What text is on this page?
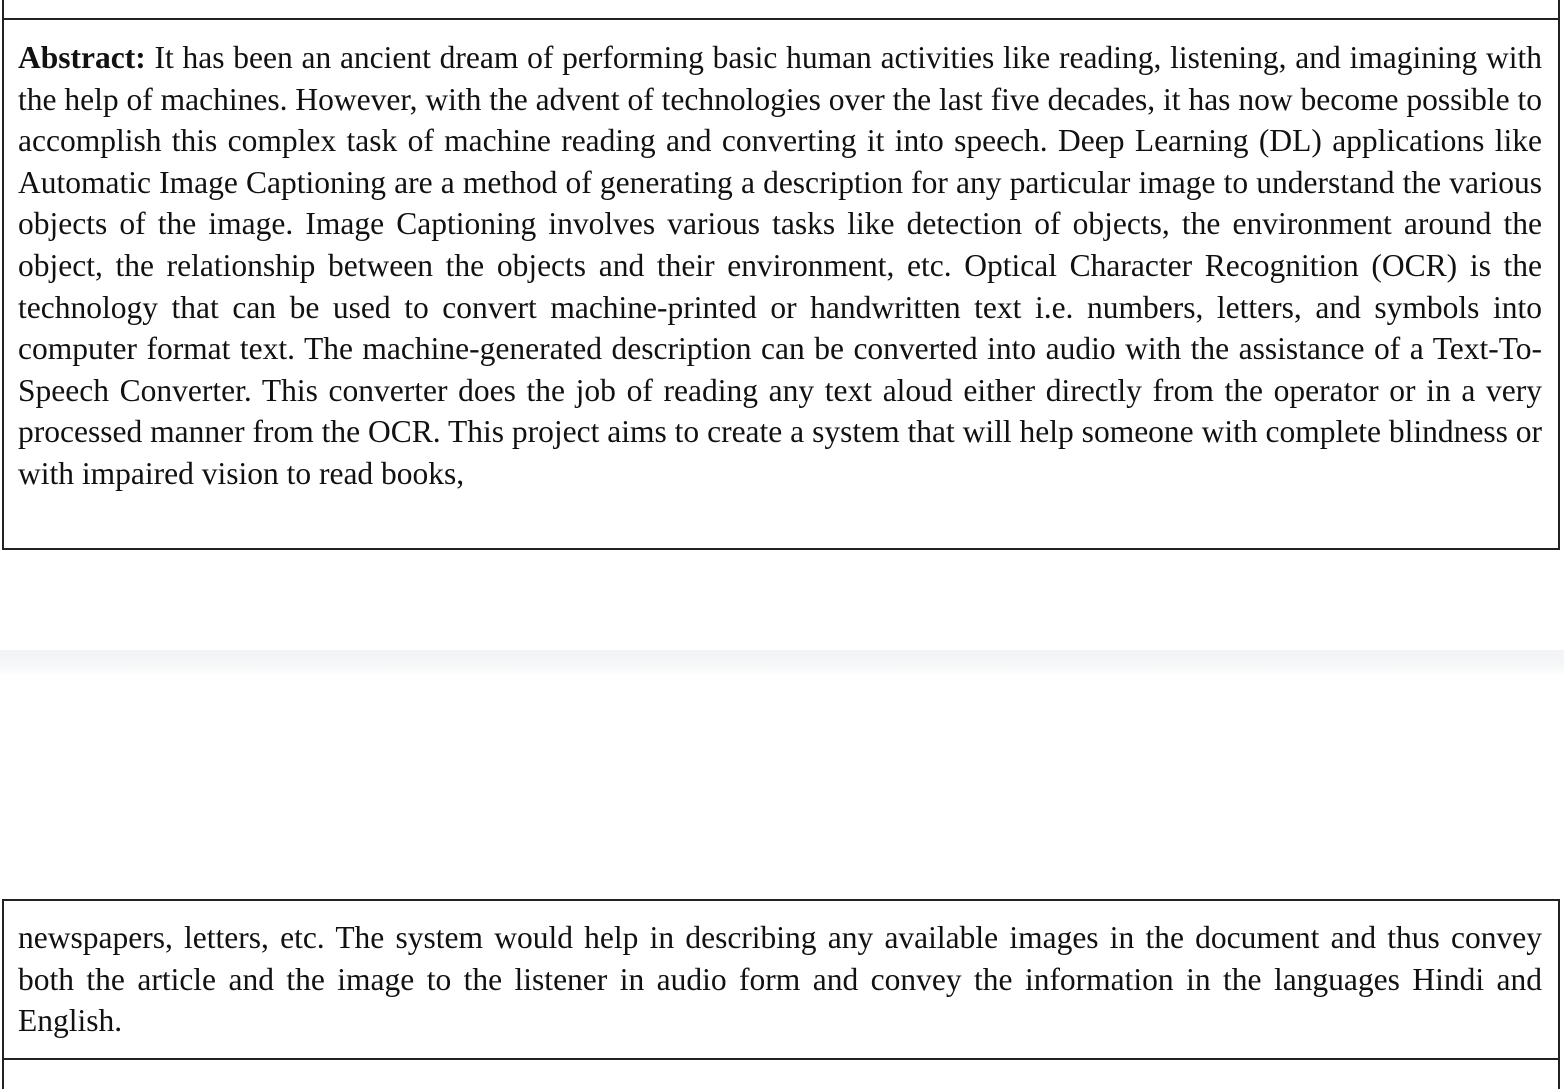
Abstract: It has been an ancient dream of performing basic human activities like reading, listening, and imagining with the help of machines. However, with the advent of technologies over the last five decades, it has now become possible to accomplish this complex task of machine reading and converting it into speech. Deep Learning (DL) applications like Automatic Image Captioning are a method of generating a description for any particular image to understand the various objects of the image. Image Captioning involves various tasks like detection of objects, the environment around the object, the relationship between the objects and their environment, etc. Optical Character Recognition (OCR) is the technology that can be used to convert machine-printed or handwritten text i.e. numbers, letters, and symbols into computer format text. The machine-generated description can be converted into audio with the assistance of a Text-To-Speech Converter. This converter does the job of reading any text aloud either directly from the operator or in a very processed manner from the OCR. This project aims to create a system that will help someone with complete blindness or with impaired vision to read books,

newspapers, letters, etc. The system would help in describing any available images in the document and thus convey both the article and the image to the listener in audio form and convey the information in the languages Hindi and English.
